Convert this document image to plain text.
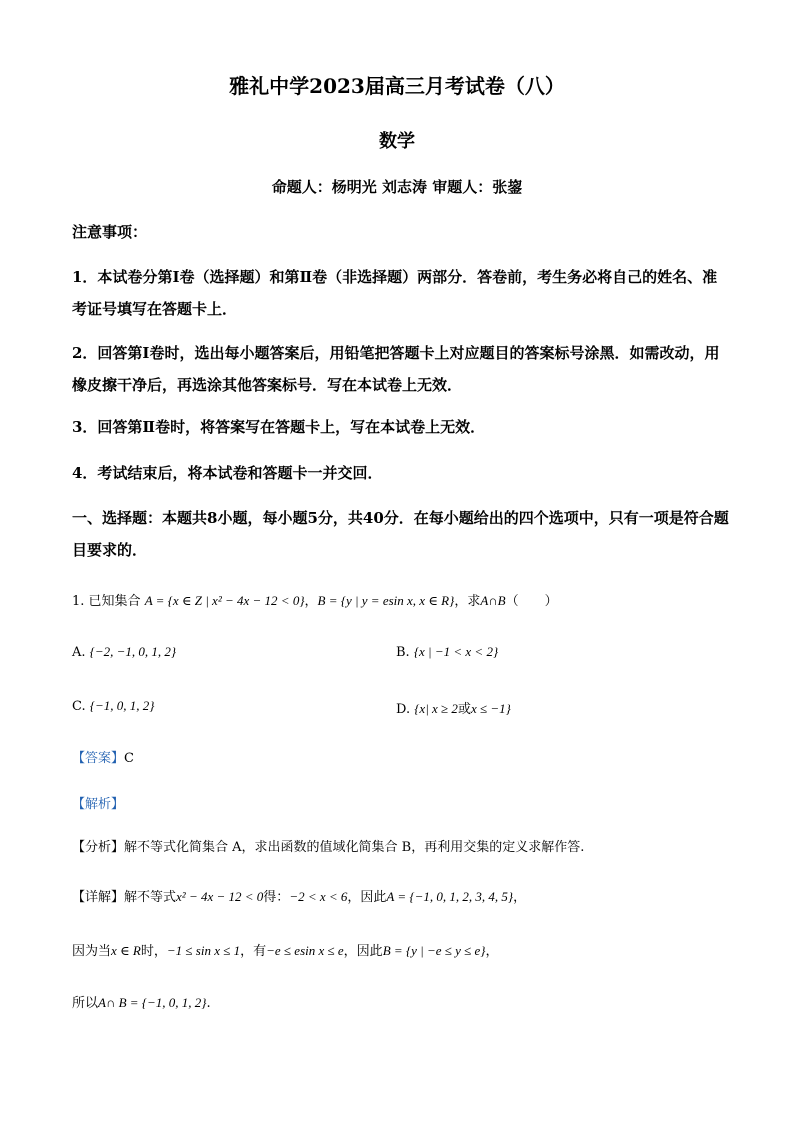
雅礼中学2023届高三月考试卷（八）
数学
命题人：杨明光 刘志涛 审题人：张鋆
注意事项：
1．本试卷分第Ⅰ卷（选择题）和第Ⅱ卷（非选择题）两部分．答卷前，考生务必将自己的姓名、准考证号填写在答题卡上．
2．回答第Ⅰ卷时，选出每小题答案后，用铅笔把答题卡上对应题目的答案标号涂黑．如需改动，用橡皮擦干净后，再选涂其他答案标号．写在本试卷上无效．
3．回答第Ⅱ卷时，将答案写在答题卡上，写在本试卷上无效．
4．考试结束后，将本试卷和答题卡一并交回．
一、选择题：本题共8小题，每小题5分，共40分．在每小题给出的四个选项中，只有一项是符合题目要求的．
1. 已知集合 A = {x ∈ Z | x² − 4x − 12 < 0}，B = {y | y = esin x, x ∈ R}，求A∩B（　　）
A. {−2, −1, 0, 1, 2}	B. {x | −1 < x < 2}
C. {−1, 0, 1, 2}	D. {x| x ≥ 2或x ≤ −1}
【答案】C
【解析】
【分析】解不等式化简集合 A，求出函数的值域化简集合 B，再利用交集的定义求解作答.
【详解】解不等式x² − 4x − 12 < 0得：−2 < x < 6，因此A = {−1, 0, 1, 2, 3, 4, 5}，
因为当x ∈ R时，−1 ≤ sin x ≤ 1，有−e ≤ esin x ≤ e，因此B = {y | −e ≤ y ≤ e}，
所以A∩ B = {−1, 0, 1, 2}.
